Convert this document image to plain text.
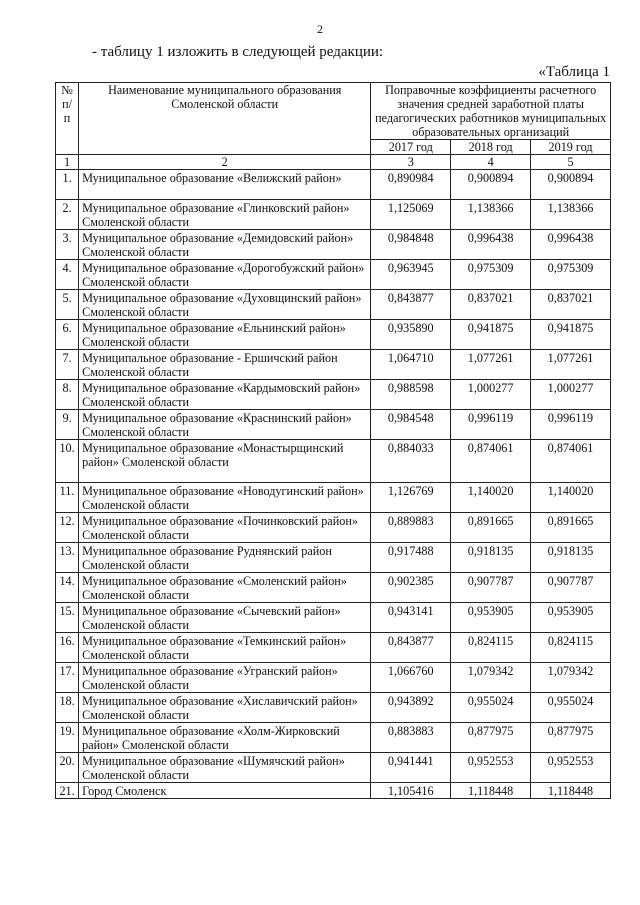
2
- таблицу 1 изложить в следующей редакции:
«Таблица 1
№ п/п	Наименование муниципального образования Смоленской области	Поправочные коэффициенты расчетного значения средней заработной платы педагогических работников муниципальных образовательных организаций		
		2017 год	2018 год	2019 год
1	2	3	4	5
1.	Муниципальное образование «Велижский район»	0,890984	0,900894	0,900894
2.	Муниципальное образование «Глинковский район» Смоленской области	1,125069	1,138366	1,138366
3.	Муниципальное образование «Демидовский район» Смоленской области	0,984848	0,996438	0,996438
4.	Муниципальное образование «Дорогобужский район» Смоленской области	0,963945	0,975309	0,975309
5.	Муниципальное образование «Духовщинский район» Смоленской области	0,843877	0,837021	0,837021
6.	Муниципальное образование «Ельнинский район» Смоленской области	0,935890	0,941875	0,941875
7.	Муниципальное образование - Ершичский район Смоленской области	1,064710	1,077261	1,077261
8.	Муниципальное образование «Кардымовский район» Смоленской области	0,988598	1,000277	1,000277
9.	Муниципальное образование «Краснинский район» Смоленской области	0,984548	0,996119	0,996119
10.	Муниципальное образование «Монастырщинский район» Смоленской области	0,884033	0,874061	0,874061
11.	Муниципальное образование «Новодугинский район» Смоленской области	1,126769	1,140020	1,140020
12.	Муниципальное образование «Починковский район» Смоленской области	0,889883	0,891665	0,891665
13.	Муниципальное образование Руднянский район Смоленской области	0,917488	0,918135	0,918135
14.	Муниципальное образование «Смоленский район» Смоленской области	0,902385	0,907787	0,907787
15.	Муниципальное образование «Сычевский район» Смоленской области	0,943141	0,953905	0,953905
16.	Муниципальное образование «Темкинский район» Смоленской области	0,843877	0,824115	0,824115
17.	Муниципальное образование «Угранский район» Смоленской области	1,066760	1,079342	1,079342
18.	Муниципальное образование «Хиславичский район» Смоленской области	0,943892	0,955024	0,955024
19.	Муниципальное образование «Холм-Жирковский район» Смоленской области	0,883883	0,877975	0,877975
20.	Муниципальное образование «Шумячский район» Смоленской области	0,941441	0,952553	0,952553
21.	Город Смоленск	1,105416	1,118448	1,118448
